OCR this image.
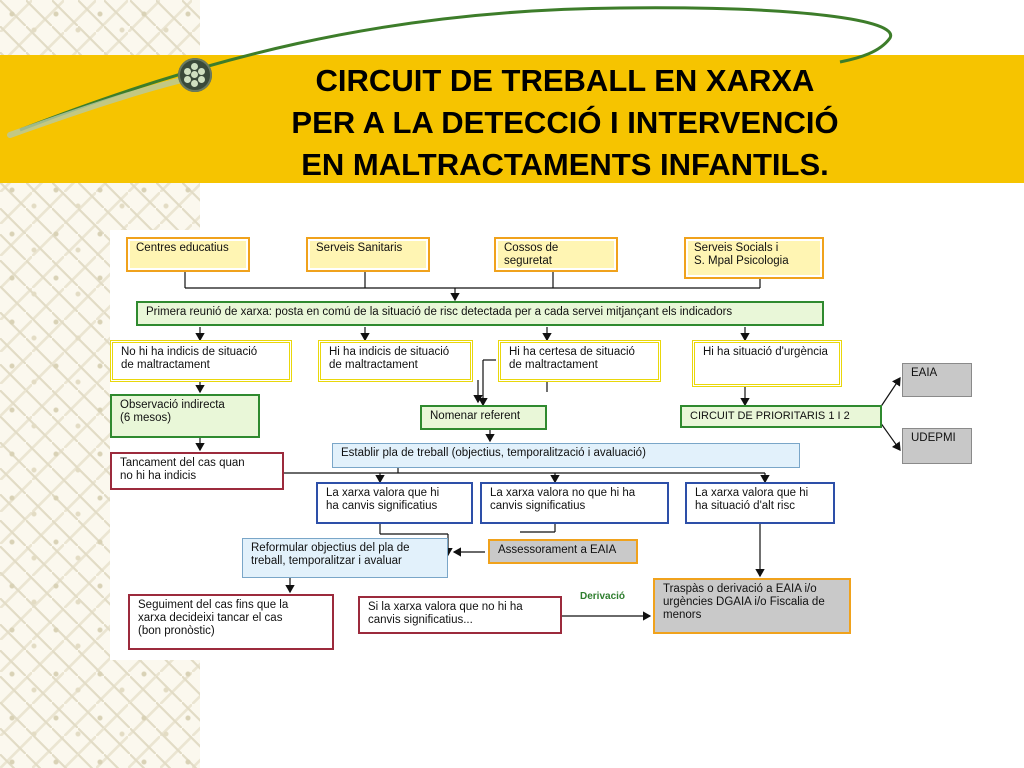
CIRCUIT DE TREBALL EN XARXA
PER A LA DETECCIÓ I INTERVENCIÓ
EN MALTRACTAMENTS INFANTILS.
Centres educatius	Serveis Sanitaris	Cossos de seguretat
Serveis Socials i
S. Mpal Psicologia
Primera reunió de xarxa: posta en comú de la situació de risc detectada per a cada servei mitjançant els indicadors
No hi ha indicis de situació
de maltractament
Hi ha indicis de situació
de maltractament
Hi ha certesa de situació
de maltractament
Hi ha situació d'urgència
Observació indirecta
(6 mesos)	Nomenar referent	CIRCUIT DE PRIORITARIS 1 I 2
EAIA
UDEPMI
Tancament del cas quan
no hi ha indicis
Establir pla de treball (objectius, temporalització i avaluació)
La xarxa valora que hi
ha canvis significatius
La xarxa valora no que hi ha
canvis significatius
La xarxa valora que hi
ha situació d'alt risc
Reformular objectius del pla de
treball, temporalitzar i avaluar
Assessorament a EAIA
Seguiment del cas fins que la
xarxa decideixi tancar el cas
(bon pronòstic)
Si la xarxa valora que no hi ha
canvis significatius...
Derivació
Traspàs o derivació a EAIA i/o
urgències DGAIA i/o Fiscalia de
menors
